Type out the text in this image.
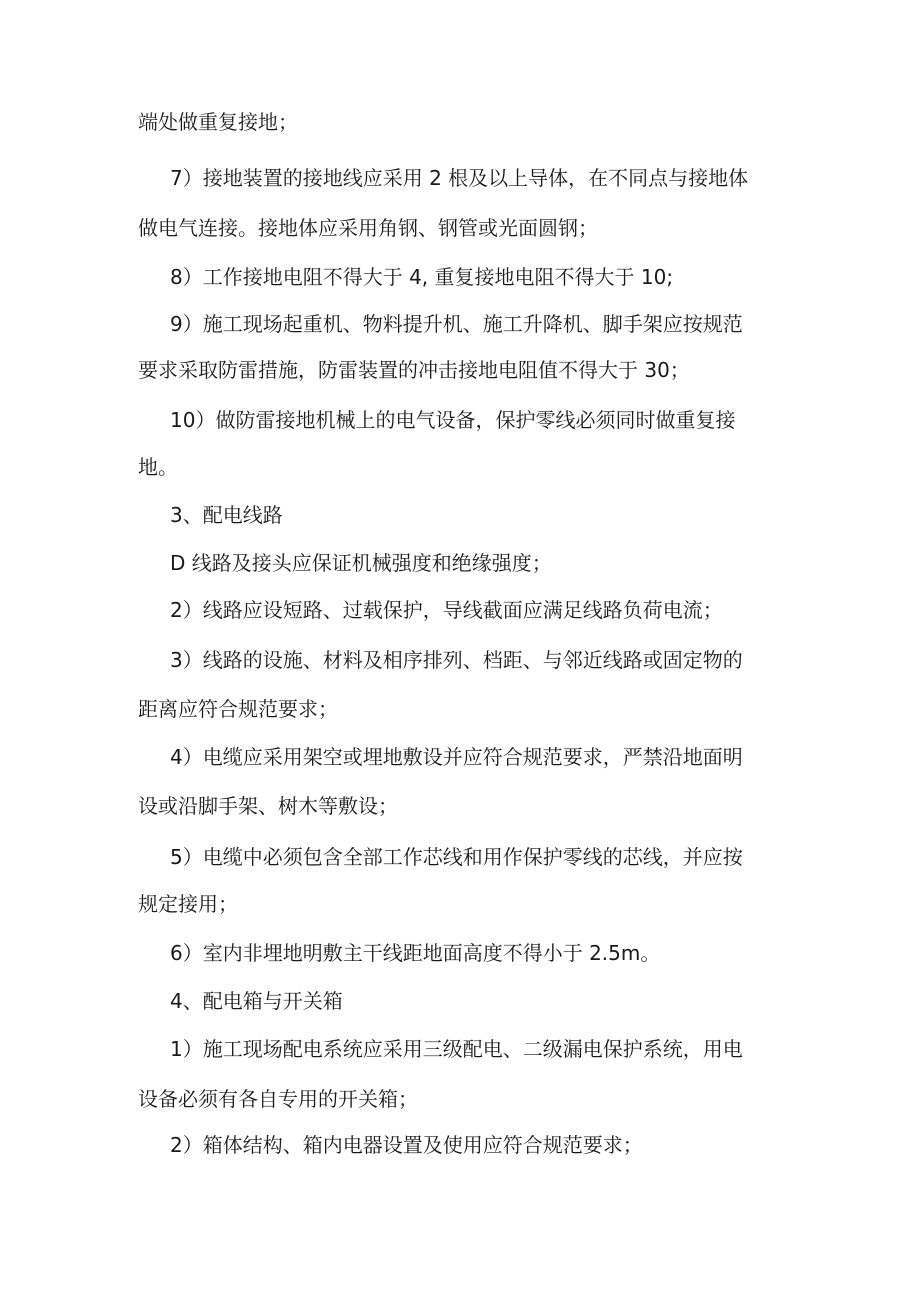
端处做重复接地；
7）接地装置的接地线应采用 2 根及以上导体，在不同点与接地体
做电气连接。接地体应采用角钢、钢管或光面圆钢；
8）工作接地电阻不得大于 4, 重复接地电阻不得大于 10;
9）施工现场起重机、物料提升机、施工升降机、脚手架应按规范
要求采取防雷措施，防雷装置的冲击接地电阻值不得大于 30；
10）做防雷接地机械上的电气设备，保护零线必须同时做重复接
地。
3、配电线路
D 线路及接头应保证机械强度和绝缘强度；
2）线路应设短路、过载保护，导线截面应满足线路负荷电流；
3）线路的设施、材料及相序排列、档距、与邻近线路或固定物的
距离应符合规范要求；
4）电缆应采用架空或埋地敷设并应符合规范要求，严禁沿地面明
设或沿脚手架、树木等敷设；
5）电缆中必须包含全部工作芯线和用作保护零线的芯线，并应按
规定接用；
6）室内非埋地明敷主干线距地面高度不得小于 2.5m。
4、配电箱与开关箱
1）施工现场配电系统应采用三级配电、二级漏电保护系统，用电
设备必须有各自专用的开关箱；
2）箱体结构、箱内电器设置及使用应符合规范要求；
